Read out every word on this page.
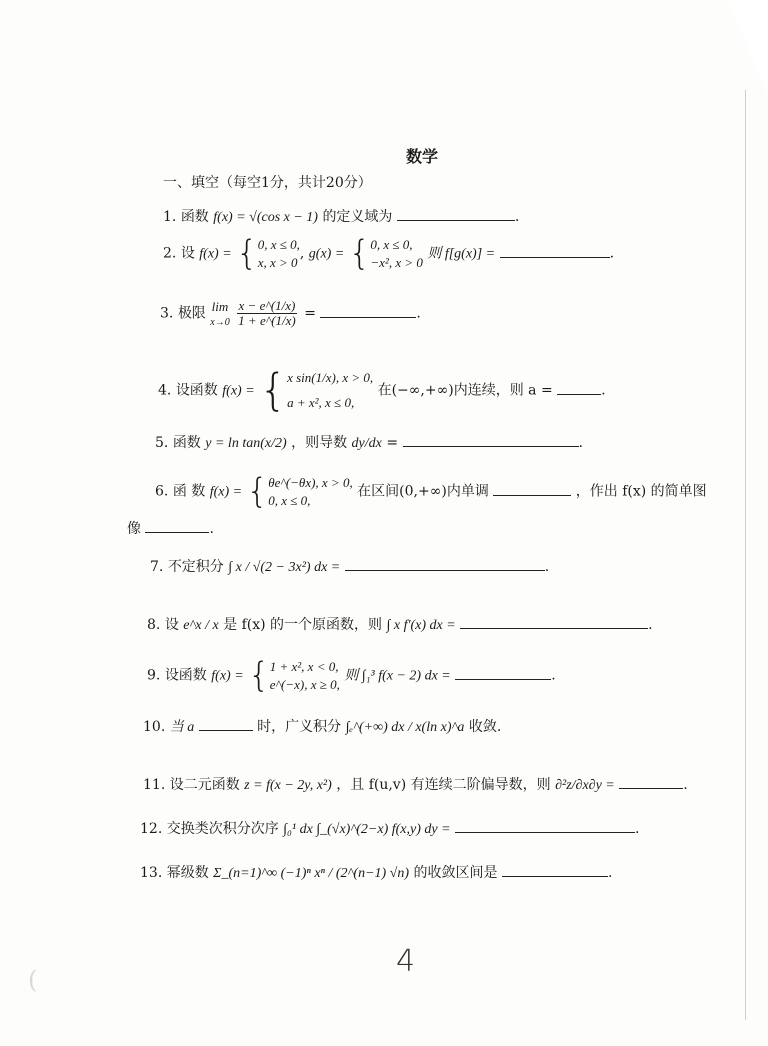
数学
一、填空（每空1分，共计20分）
1. 函数 f(x) = √(cos x − 1) 的定义域为	.
2. 设 f(x) = { 0, x ≤ 0,
x, x > 0
, g(x) = { 0, x ≤ 0,
−x², x > 0
则 f[g(x)] =	.
3. 极限 lim
x→0
$\frac{x - e\^{}(1/x)}{1 + e\^{}(1/x)}$ =	.
4. 设函数 f(x) = { x sin(1/x), x > 0,
a + x², x ≤ 0,
在(−∞,+∞)内连续，则 a =	.
5. 函数 y = ln tan(x/2) ，则导数 dy/dx =	.
6. 函 数 f(x) = { θe^(−θx), x > 0,
0, x ≤ 0,
在区间(0,+∞)内单调	，作出 f(x) 的简单图
像	.
7. 不定积分 ∫ x / √(2 − 3x²) dx =	.
8. 设 e^x / x 是 f(x) 的一个原函数，则 ∫ x f′(x) dx =	.
9. 设函数 f(x) = { 1 + x², x < 0,
e^(−x), x ≥ 0,
则 ∫₁³ f(x − 2) dx =	.
10. 当 a	时，广义积分 ∫ₑ^(+∞) dx / x(ln x)^a 收敛.
11. 设二元函数 z = f(x − 2y, x²) ，且 f(u,v) 有连续二阶偏导数，则 ∂²z/∂x∂y =	.
12. 交换类次积分次序 ∫₀¹ dx ∫_(√x)^(2−x) f(x,y) dy =	.
13. 幂级数 Σ_(n=1)^∞ (−1)ⁿ xⁿ / (2^(n−1) √n) 的收敛区间是	.
4
(
